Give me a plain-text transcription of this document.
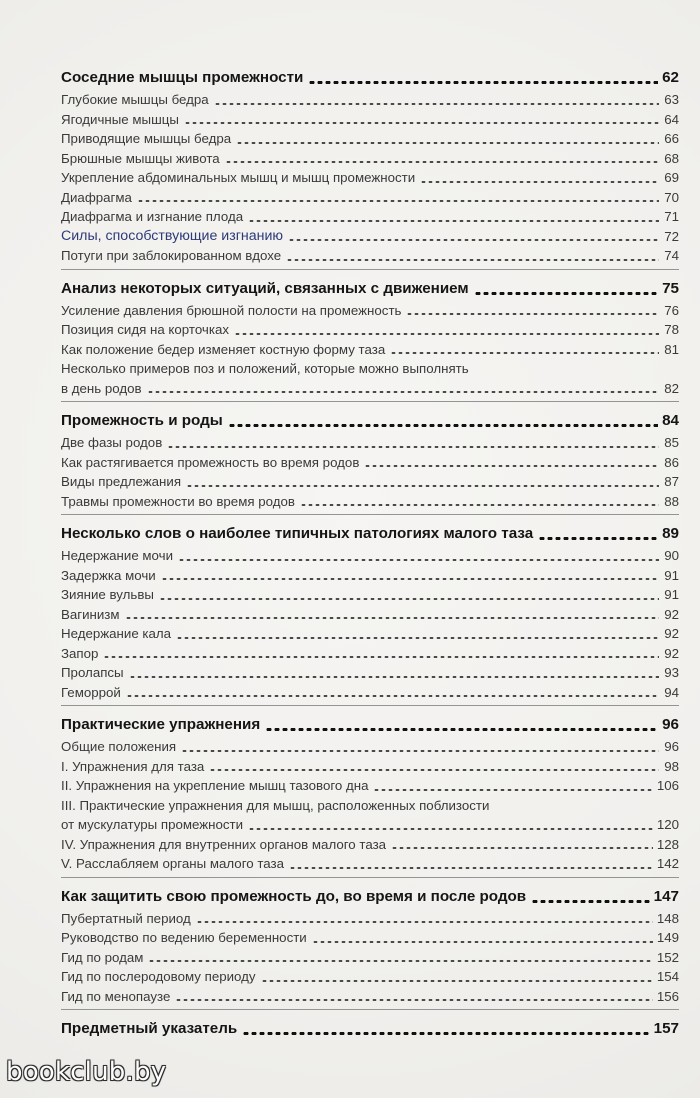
Соседние мышцы промежности	62
Глубокие мышцы бедра	63
Ягодичные мышцы	64
Приводящие мышцы бедра	66
Брюшные мышцы живота	68
Укрепление абдоминальных мышц и мышц промежности	69
Диафрагма	70
Диафрагма и изгнание плода	71
Силы, способствующие изгнанию	72
Потуги при заблокированном вдохе	74
Анализ некоторых ситуаций, связанных с движением	75
Усиление давления брюшной полости на промежность	76
Позиция сидя на корточках	78
Как положение бедер изменяет костную форму таза	81
Несколько примеров поз и положений, которые можно выполнять
в день родов	82
Промежность и роды	84
Две фазы родов	85
Как растягивается промежность во время родов	86
Виды предлежания	87
Травмы промежности во время родов	88
Несколько слов о наиболее типичных патологиях малого таза	89
Недержание мочи	90
Задержка мочи	91
Зияние вульвы	91
Вагинизм	92
Недержание кала	92
Запор	92
Пролапсы	93
Геморрой	94
Практические упражнения	96
Общие положения	96
I. Упражнения для таза	98
II. Упражнения на укрепление мышц тазового дна	106
III. Практические упражнения для мышц, расположенных поблизости
от мускулатуры промежности	120
IV. Упражнения для внутренних органов малого таза	128
V. Расслабляем органы малого таза	142
Как защитить свою промежность до, во время и после родов	147
Пубертатный период	148
Руководство по ведению беременности	149
Гид по родам	152
Гид по послеродовому периоду	154
Гид по менопаузе	156
Предметный указатель	157
bookclub.by
